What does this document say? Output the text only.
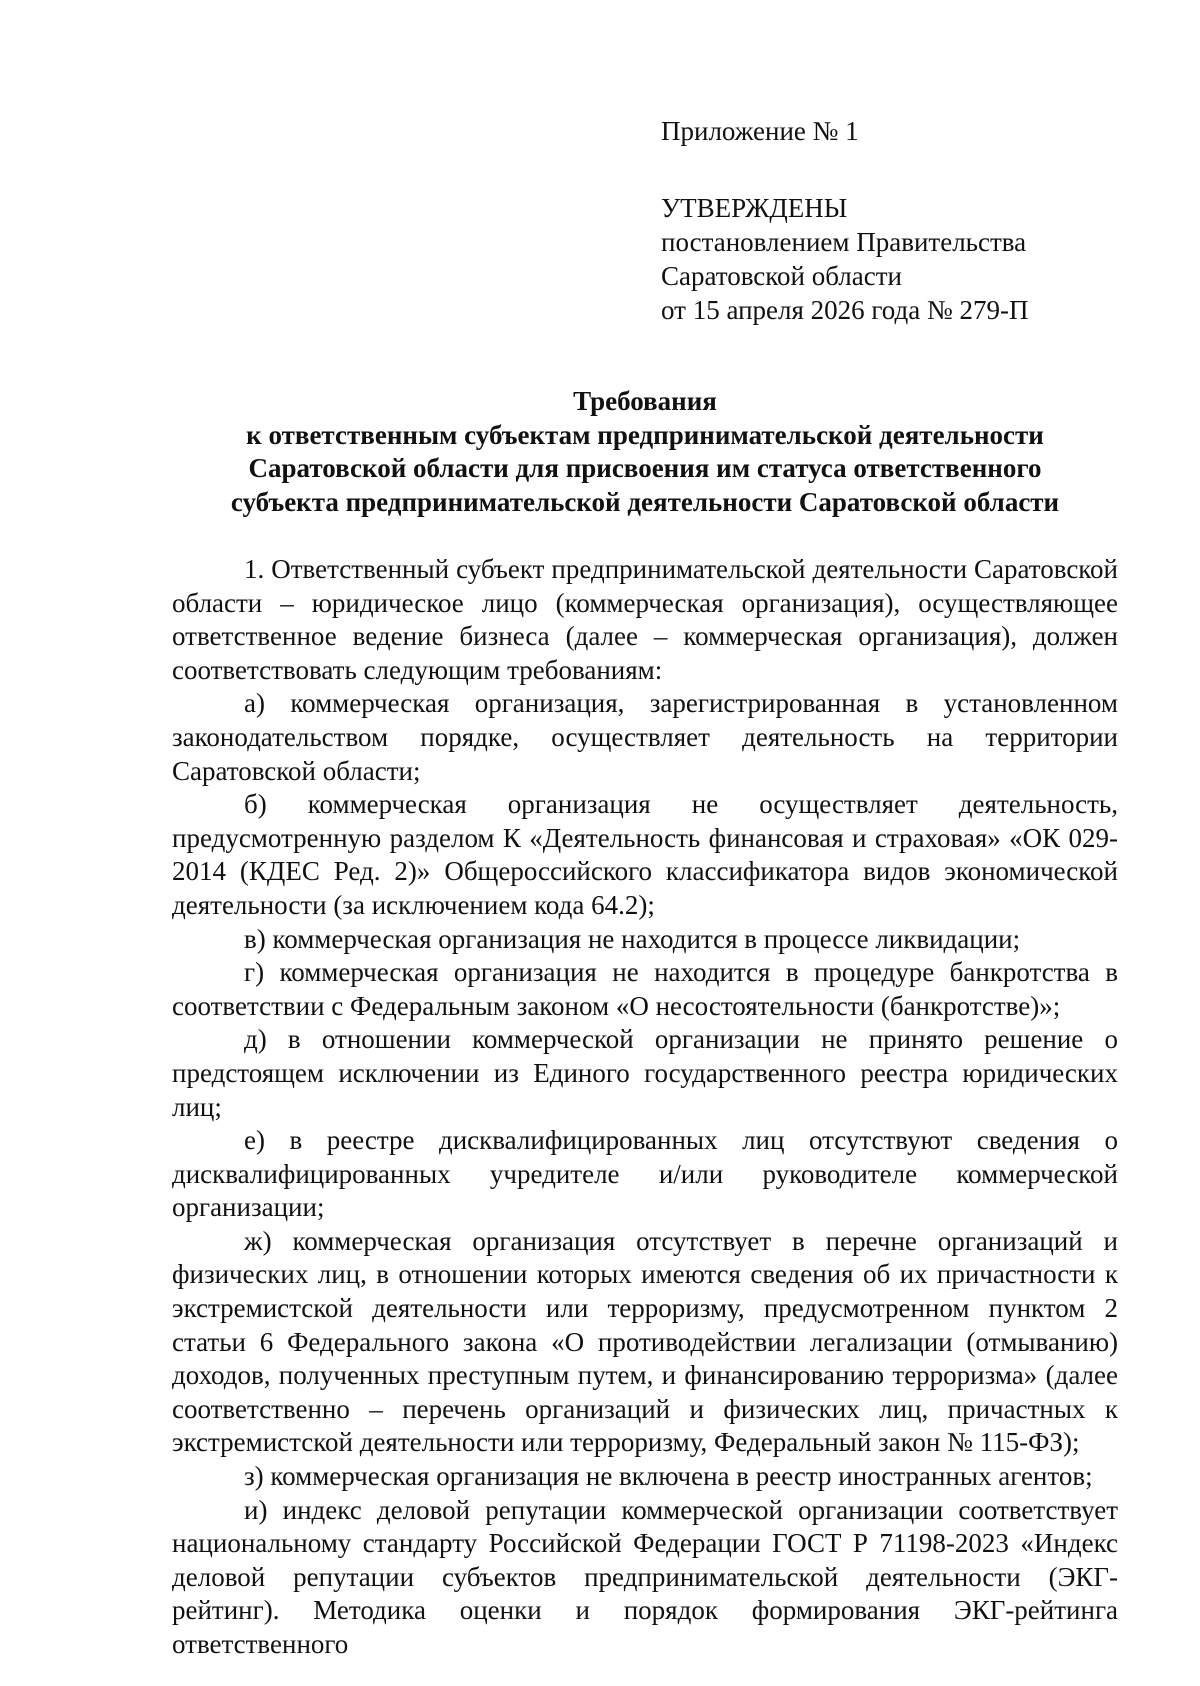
Приложение № 1
УТВЕРЖДЕНЫ
постановлением Правительства
Саратовской области
от 15 апреля 2026 года № 279-П
Требования
к ответственным субъектам предпринимательской деятельности
Саратовской области для присвоения им статуса ответственного
субъекта предпринимательской деятельности Саратовской области

1. Ответственный субъект предпринимательской деятельности Саратовской области – юридическое лицо (коммерческая организация), осуществляющее ответственное ведение бизнеса (далее – коммерческая организация), должен соответствовать следующим требованиям:

а) коммерческая организация, зарегистрированная в установленном законодательством порядке, осуществляет деятельность на территории Саратовской области;

б) коммерческая организация не осуществляет деятельность, предусмотренную разделом К «Деятельность финансовая и страховая» «ОК 029-2014 (КДЕС Ред. 2)» Общероссийского классификатора видов экономической деятельности (за исключением кода 64.2);

в) коммерческая организация не находится в процессе ликвидации;

г) коммерческая организация не находится в процедуре банкротства в соответствии с Федеральным законом «О несостоятельности (банкротстве)»;

д) в отношении коммерческой организации не принято решение о предстоящем исключении из Единого государственного реестра юридических лиц;

е) в реестре дисквалифицированных лиц отсутствуют сведения о дисквалифицированных учредителе и/или руководителе коммерческой организации;

ж) коммерческая организация отсутствует в перечне организаций и физических лиц, в отношении которых имеются сведения об их причастности к экстремистской деятельности или терроризму, предусмотренном пунктом 2 статьи 6 Федерального закона «О противодействии легализации (отмыванию) доходов, полученных преступным путем, и финансированию терроризма» (далее соответственно – перечень организаций и физических лиц, причастных к экстремистской деятельности или терроризму, Федеральный закон № 115-ФЗ);

з) коммерческая организация не включена в реестр иностранных агентов;

и) индекс деловой репутации коммерческой организации соответствует национальному стандарту Российской Федерации ГОСТ Р 71198-2023 «Индекс деловой репутации субъектов предпринимательской деятельности (ЭКГ-рейтинг). Методика оценки и порядок формирования ЭКГ-рейтинга ответственного
